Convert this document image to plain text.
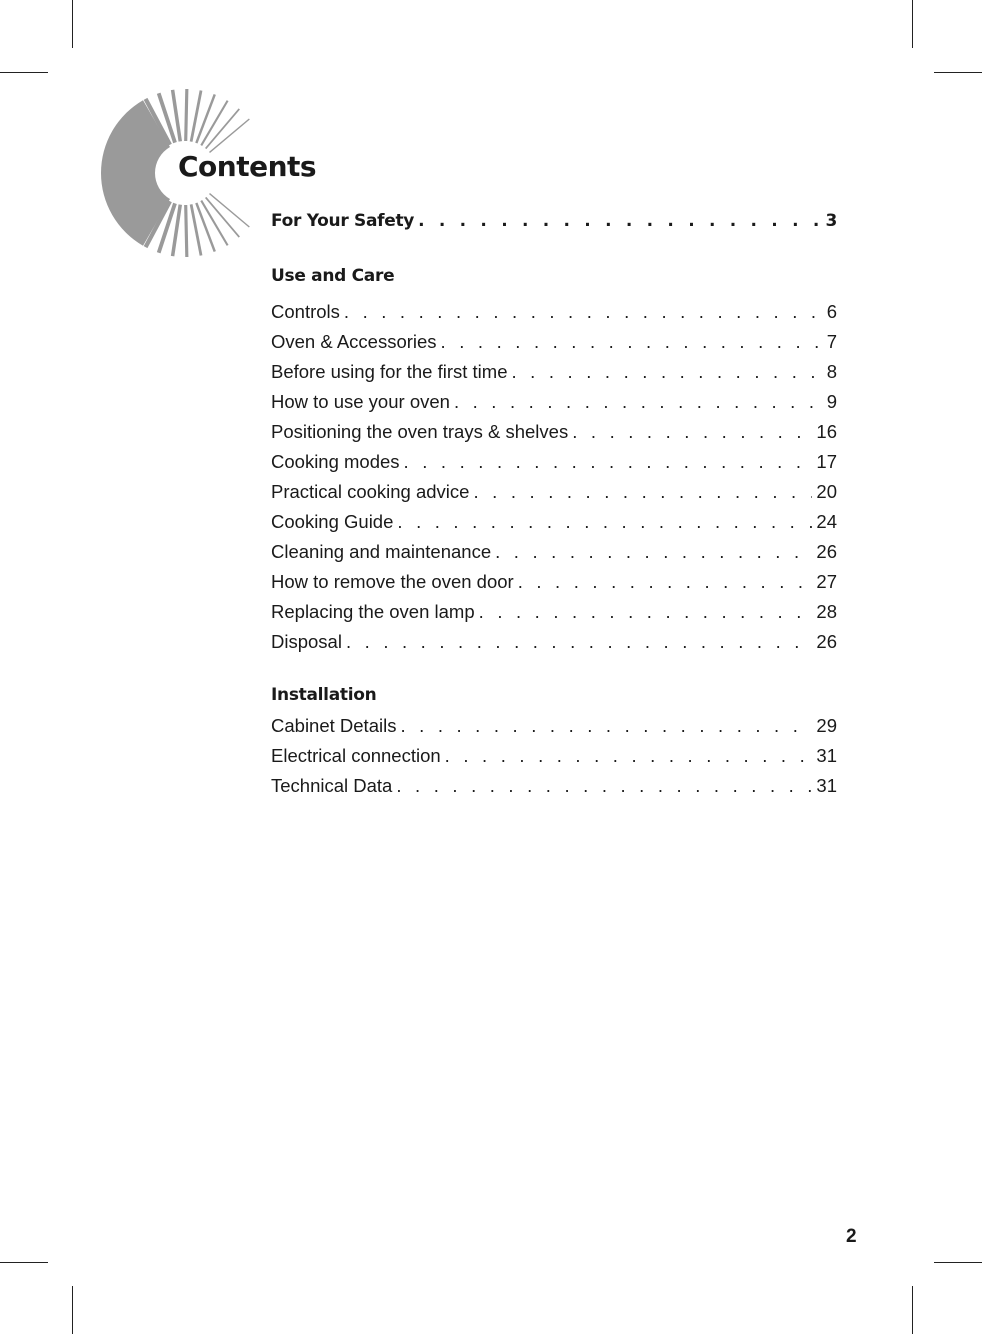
Contents
For Your Safety . . .	3
Use and Care
Controls . . .	6
Oven & Accessories . . .	7
Before using for the first time . . .	8
How to use your oven . . .	9
Positioning the oven trays & shelves . . .	16
Cooking modes . . .	17
Practical cooking advice . . .	20
Cooking Guide . . .	24
Cleaning and maintenance . . .	26
How to remove the oven door . . .	27
Replacing the oven lamp . . .	28
Disposal . . .	26
Installation
Cabinet Details . . .	29
Electrical connection . . .	31
Technical Data . . .	31
2
